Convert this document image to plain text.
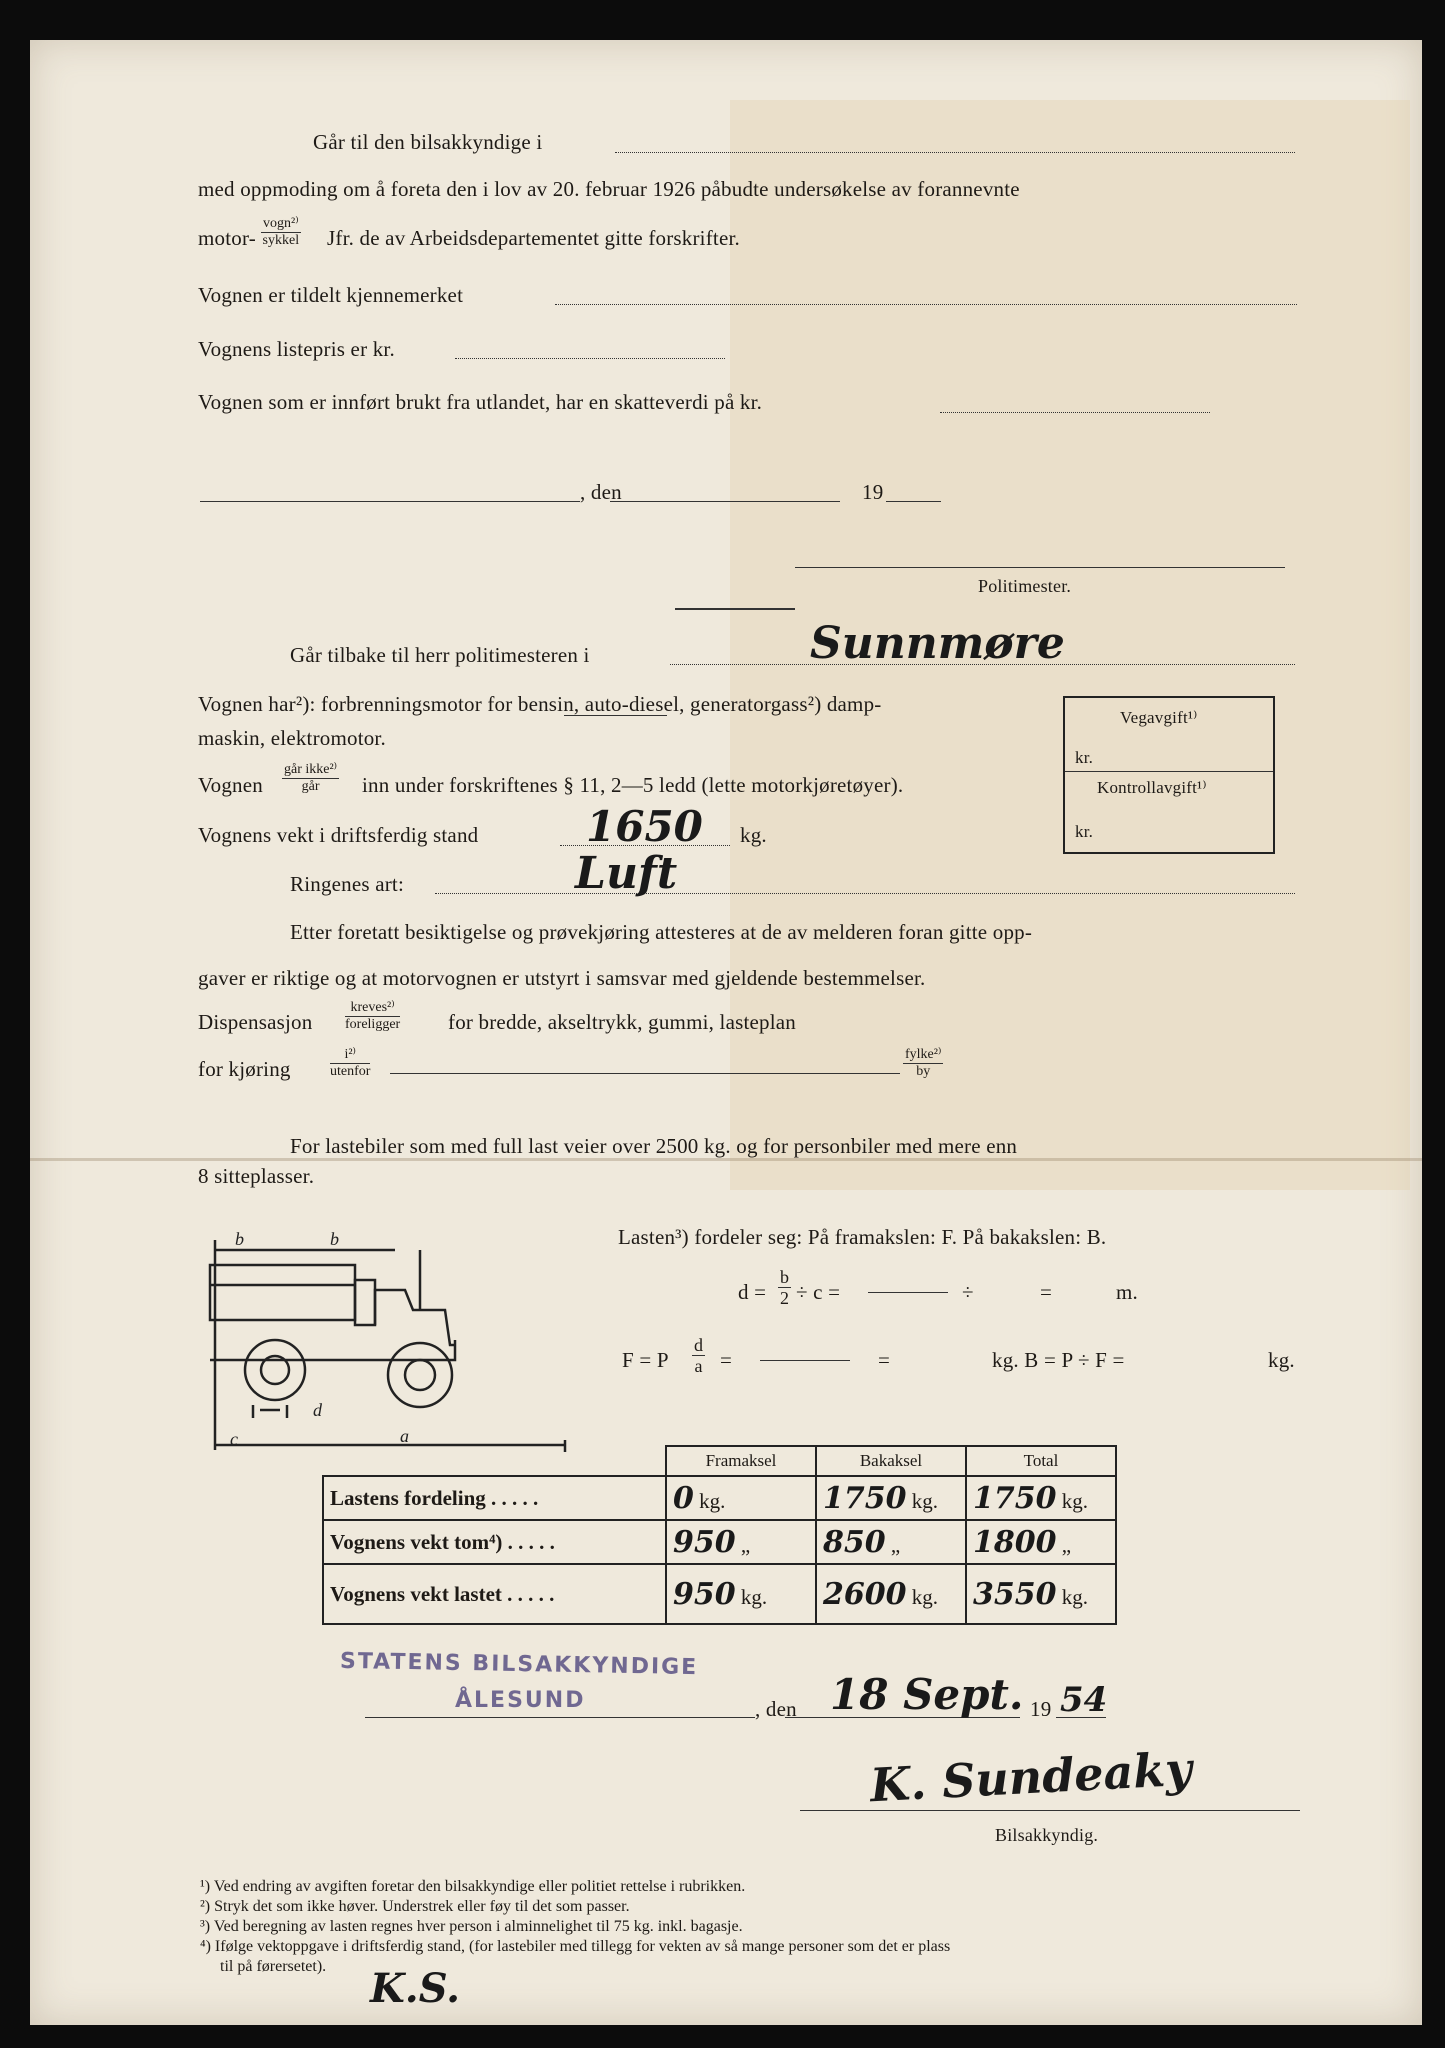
Går til den bilsakkyndige i
med oppmoding om å foreta den i lov av 20. februar 1926 påbudte undersøkelse av forannevnte
motor-
vogn²⁾
sykkel Jfr. de av Arbeidsdepartementet gitte forskrifter.
Vognen er tildelt kjennemerket
Vognens listepris er kr.
Vognen som er innført brukt fra utlandet, har en skatteverdi på kr.
, den	19
Politimester.
Går tilbake til herr politimesteren i	Sunnmøre
Vognen har²): forbrenningsmotor for bensin, auto-diesel, generatorgass²) damp-
maskin, elektromotor.
Vognen
går ikke²⁾
går	inn under forskriftenes § 11, 2—5 ledd (lette motorkjøretøyer).
Vegavgift¹⁾
kr.
Kontrollavgift¹⁾
kr.
Vognens vekt i driftsferdig stand	1650 kg.
Ringenes art:	Luft
Etter foretatt besiktigelse og prøvekjøring attesteres at de av melderen foran gitte opp-
gaver er riktige og at motorvognen er utstyrt i samsvar med gjeldende bestemmelser.
Dispensasjon
kreves²⁾
foreligger for bredde, akseltrykk, gummi, lasteplan
for kjøring
i²⁾
utenfor
fylke²⁾
by
For lastebiler som med full last veier over 2500 kg. og for personbiler med mere enn
8 sitteplasser.
b	b
c
d
a
Lasten³) fordeler seg: På framakslen: F. På bakakslen: B.
$d = \frac{b}{2} \div c$ =	÷	=	m.
F = P $\frac{d}{a}$ =	=	kg. B = P ÷ F =	kg.
	Framaksel	Bakaksel	Total
Lastens fordeling . . . . .	0 kg.	1750 kg.	1750 kg.
Vognens vekt tom⁴) . . . . .	950 „	850 „	1800 „
Vognens vekt lastet . . . . .	950 kg.	2600 kg.	3550 kg.
STATENS BILSAKKYNDIGE
ÅLESUND	, den 18 Sept. 19 54
K. Sundeaky
Bilsakkyndig.
¹) Ved endring av avgiften foretar den bilsakkyndige eller politiet rettelse i rubrikken.
²) Stryk det som ikke høver. Understrek eller føy til det som passer.
³) Ved beregning av lasten regnes hver person i alminnelighet til 75 kg. inkl. bagasje.
⁴) Ifølge vektoppgave i driftsferdig stand, (for lastebiler med tillegg for vekten av så mange personer som det er plass
til på førersetet). K.S.
